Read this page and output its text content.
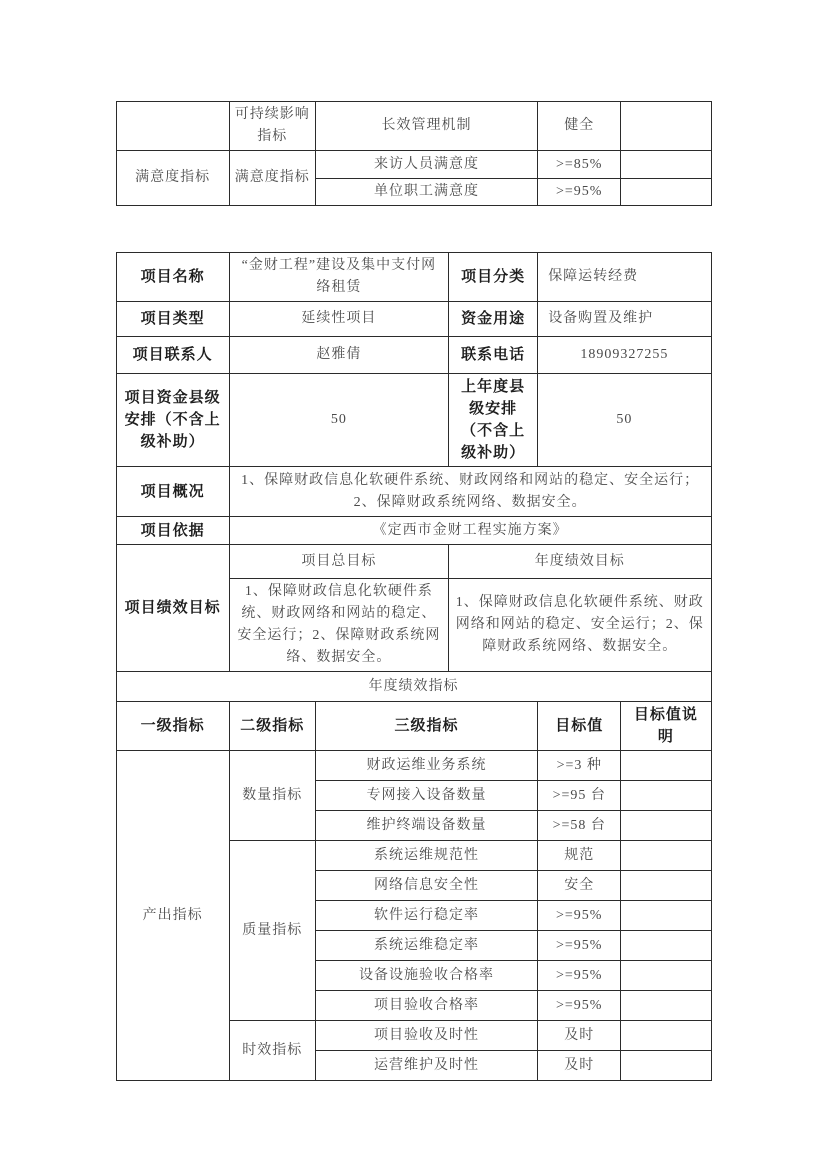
	可持续影响指标	长效管理机制	健全	
满意度指标	满意度指标	来访人员满意度	>=85%	
		单位职工满意度	>=95%	
项目名称	“金财工程”建设及集中支付网络租赁		项目分类	保障运转经费	
项目类型	延续性项目		资金用途	设备购置及维护	
项目联系人	赵雅倩		联系电话	18909327255	
项目资金县级安排（不含上级补助）	50		上年度县级安排（不含上级补助）	50	
项目概况	1、保障财政信息化软硬件系统、财政网络和网站的稳定、安全运行；2、保障财政系统网络、数据安全。				
项目依据	《定西市金财工程实施方案》				
项目绩效目标	项目总目标		年度绩效目标		
	1、保障财政信息化软硬件系统、财政网络和网站的稳定、安全运行；2、保障财政系统网络、数据安全。		1、保障财政信息化软硬件系统、财政网络和网站的稳定、安全运行；2、保障财政系统网络、数据安全。		
年度绩效指标					
一级指标	二级指标	三级指标		目标值	目标值说明
产出指标	数量指标	财政运维业务系统		>=3 种	
		专网接入设备数量		>=95 台	
		维护终端设备数量		>=58 台	
	质量指标	系统运维规范性		规范	
		网络信息安全性		安全	
		软件运行稳定率		>=95%	
		系统运维稳定率		>=95%	
		设备设施验收合格率		>=95%	
		项目验收合格率		>=95%	
	时效指标	项目验收及时性		及时	
		运营维护及时性		及时	
